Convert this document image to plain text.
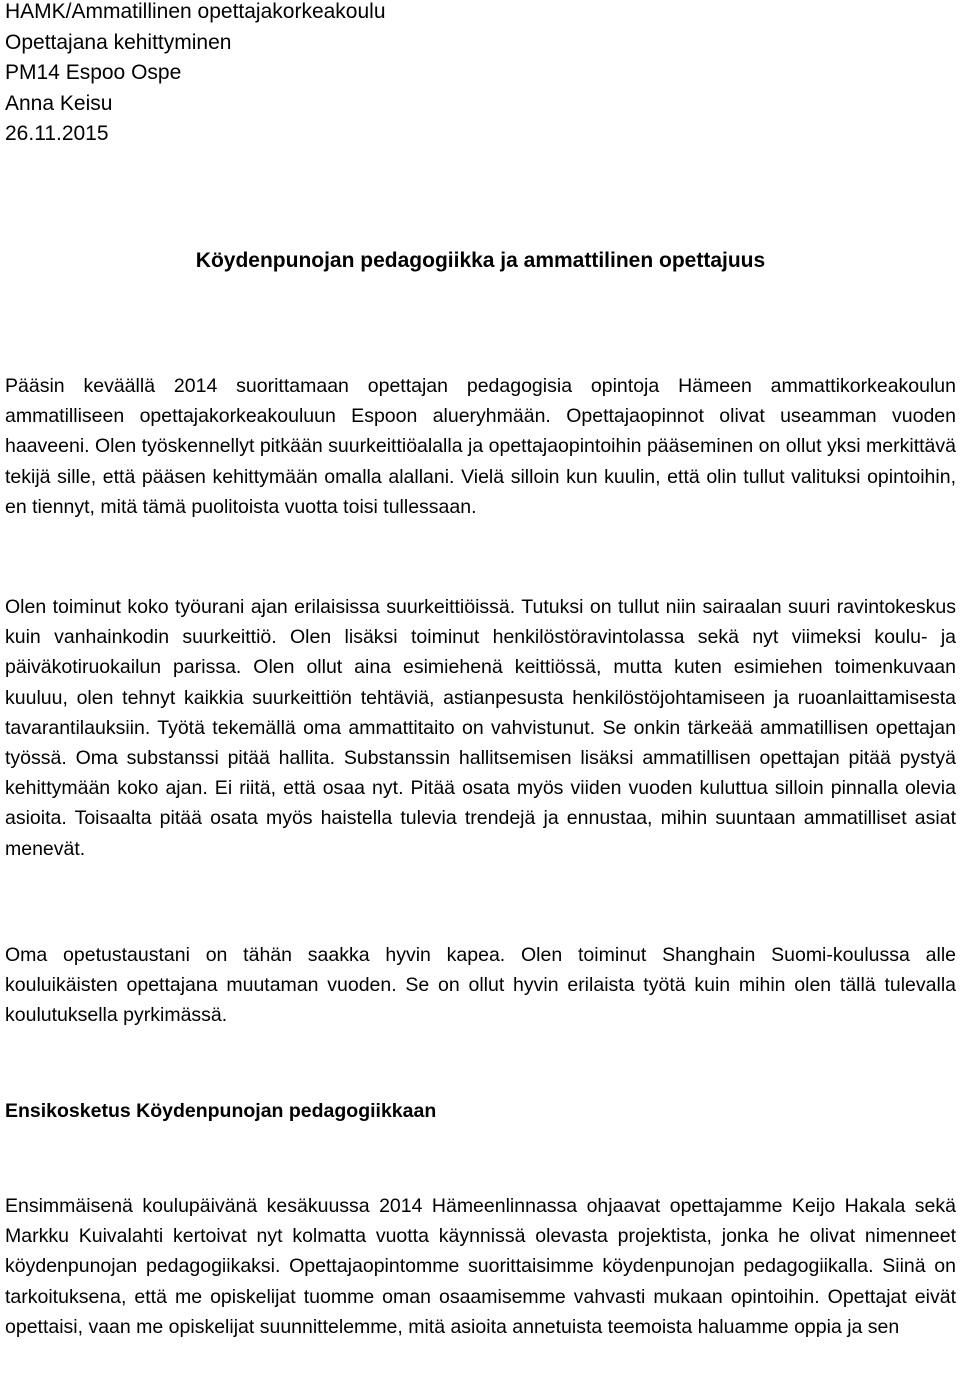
HAMK/Ammatillinen opettajakorkeakoulu
Opettajana kehittyminen
PM14 Espoo Ospe
Anna Keisu
26.11.2015
Köydenpunojan pedagogiikka ja ammattilinen opettajuus

Pääsin keväällä 2014 suorittamaan opettajan pedagogisia opintoja Hämeen ammattikorkeakoulun ammatilliseen opettajakorkeakouluun Espoon alueryhmään. Opettajaopinnot olivat useamman vuoden haaveeni. Olen työskennellyt pitkään suurkeittiöalalla ja opettajaopintoihin pääseminen on ollut yksi merkittävä tekijä sille, että pääsen kehittymään omalla alallani. Vielä silloin kun kuulin, että olin tullut valituksi opintoihin, en tiennyt, mitä tämä puolitoista vuotta toisi tullessaan.

Olen toiminut koko työurani ajan erilaisissa suurkeittiöissä. Tutuksi on tullut niin sairaalan suuri ravintokeskus kuin vanhainkodin suurkeittiö. Olen lisäksi toiminut henkilöstöravintolassa sekä nyt viimeksi koulu- ja päiväkotiruokailun parissa. Olen ollut aina esimiehenä keittiössä, mutta kuten esimiehen toimenkuvaan kuuluu, olen tehnyt kaikkia suurkeittiön tehtäviä, astianpesusta henkilöstöjohtamiseen ja ruoanlaittamisesta tavarantilauksiin. Työtä tekemällä oma ammattitaito on vahvistunut. Se onkin tärkeää ammatillisen opettajan työssä. Oma substanssi pitää hallita. Substanssin hallitsemisen lisäksi ammatillisen opettajan pitää pystyä kehittymään koko ajan. Ei riitä, että osaa nyt. Pitää osata myös viiden vuoden kuluttua silloin pinnalla olevia asioita. Toisaalta pitää osata myös haistella tulevia trendejä ja ennustaa, mihin suuntaan ammatilliset asiat menevät.

Oma opetustaustani on tähän saakka hyvin kapea. Olen toiminut Shanghain Suomi-koulussa alle kouluikäisten opettajana muutaman vuoden. Se on ollut hyvin erilaista työtä kuin mihin olen tällä tulevalla koulutuksella pyrkimässä.

Ensikosketus Köydenpunojan pedagogiikkaan

Ensimmäisenä koulupäivänä kesäkuussa 2014 Hämeenlinnassa ohjaavat opettajamme Keijo Hakala sekä Markku Kuivalahti kertoivat nyt kolmatta vuotta käynnissä olevasta projektista, jonka he olivat nimenneet köydenpunojan pedagogiikaksi. Opettajaopintomme suorittaisimme köydenpunojan pedagogiikalla. Siinä on tarkoituksena, että me opiskelijat tuomme oman osaamisemme vahvasti mukaan opintoihin. Opettajat eivät opettaisi, vaan me opiskelijat suunnittelemme, mitä asioita annetuista teemoista haluamme oppia ja sen
